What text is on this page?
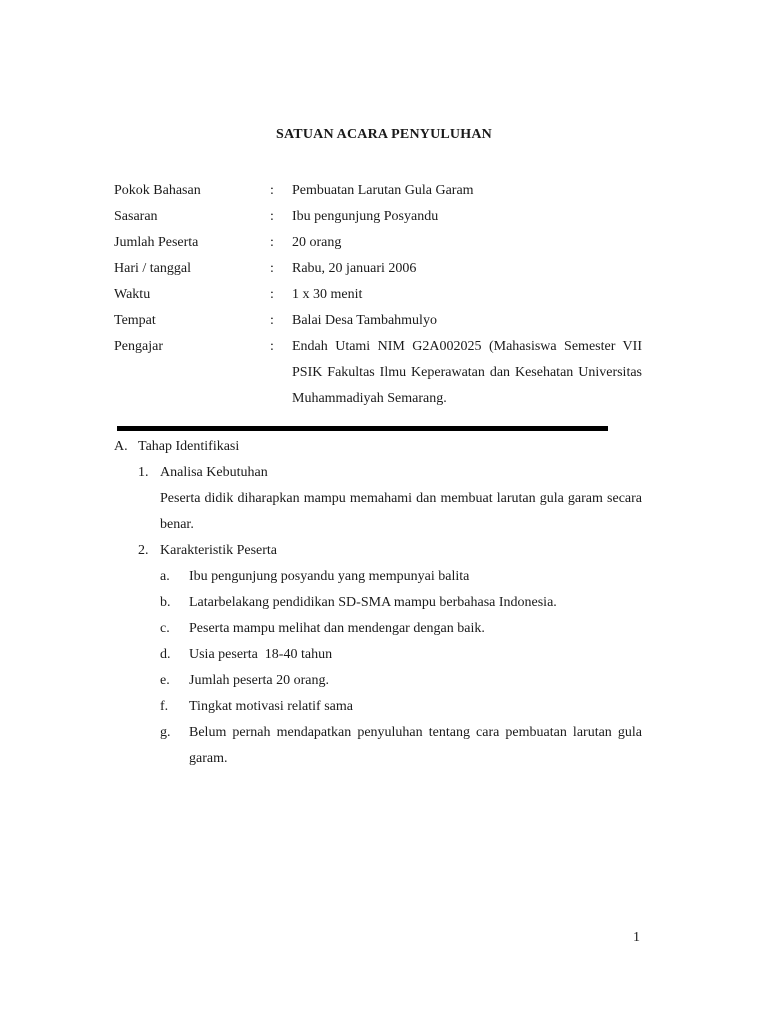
SATUAN ACARA PENYULUHAN
Pokok Bahasan	:	Pembuatan Larutan Gula Garam
Sasaran	:	Ibu pengunjung Posyandu
Jumlah Peserta	:	20 orang
Hari / tanggal	:	Rabu, 20 januari 2006
Waktu	:	1 x 30 menit
Tempat	:	Balai Desa Tambahmulyo
Pengajar	:	Endah Utami NIM G2A002025 (Mahasiswa Semester VII PSIK Fakultas Ilmu Keperawatan dan Kesehatan Universitas Muhammadiyah Semarang.
A. Tahap Identifikasi
1. Analisa Kebutuhan
Peserta didik diharapkan mampu memahami dan membuat larutan gula garam secara benar.
2. Karakteristik Peserta
a.	Ibu pengunjung posyandu yang mempunyai balita
b.	Latarbelakang pendidikan SD-SMA mampu berbahasa Indonesia.
c.	Peserta mampu melihat dan mendengar dengan baik.
d.	Usia peserta  18-40 tahun
e.	Jumlah peserta 20 orang.
f.	Tingkat motivasi relatif sama
g.	Belum pernah mendapatkan penyuluhan tentang cara pembuatan larutan gula garam.
1
